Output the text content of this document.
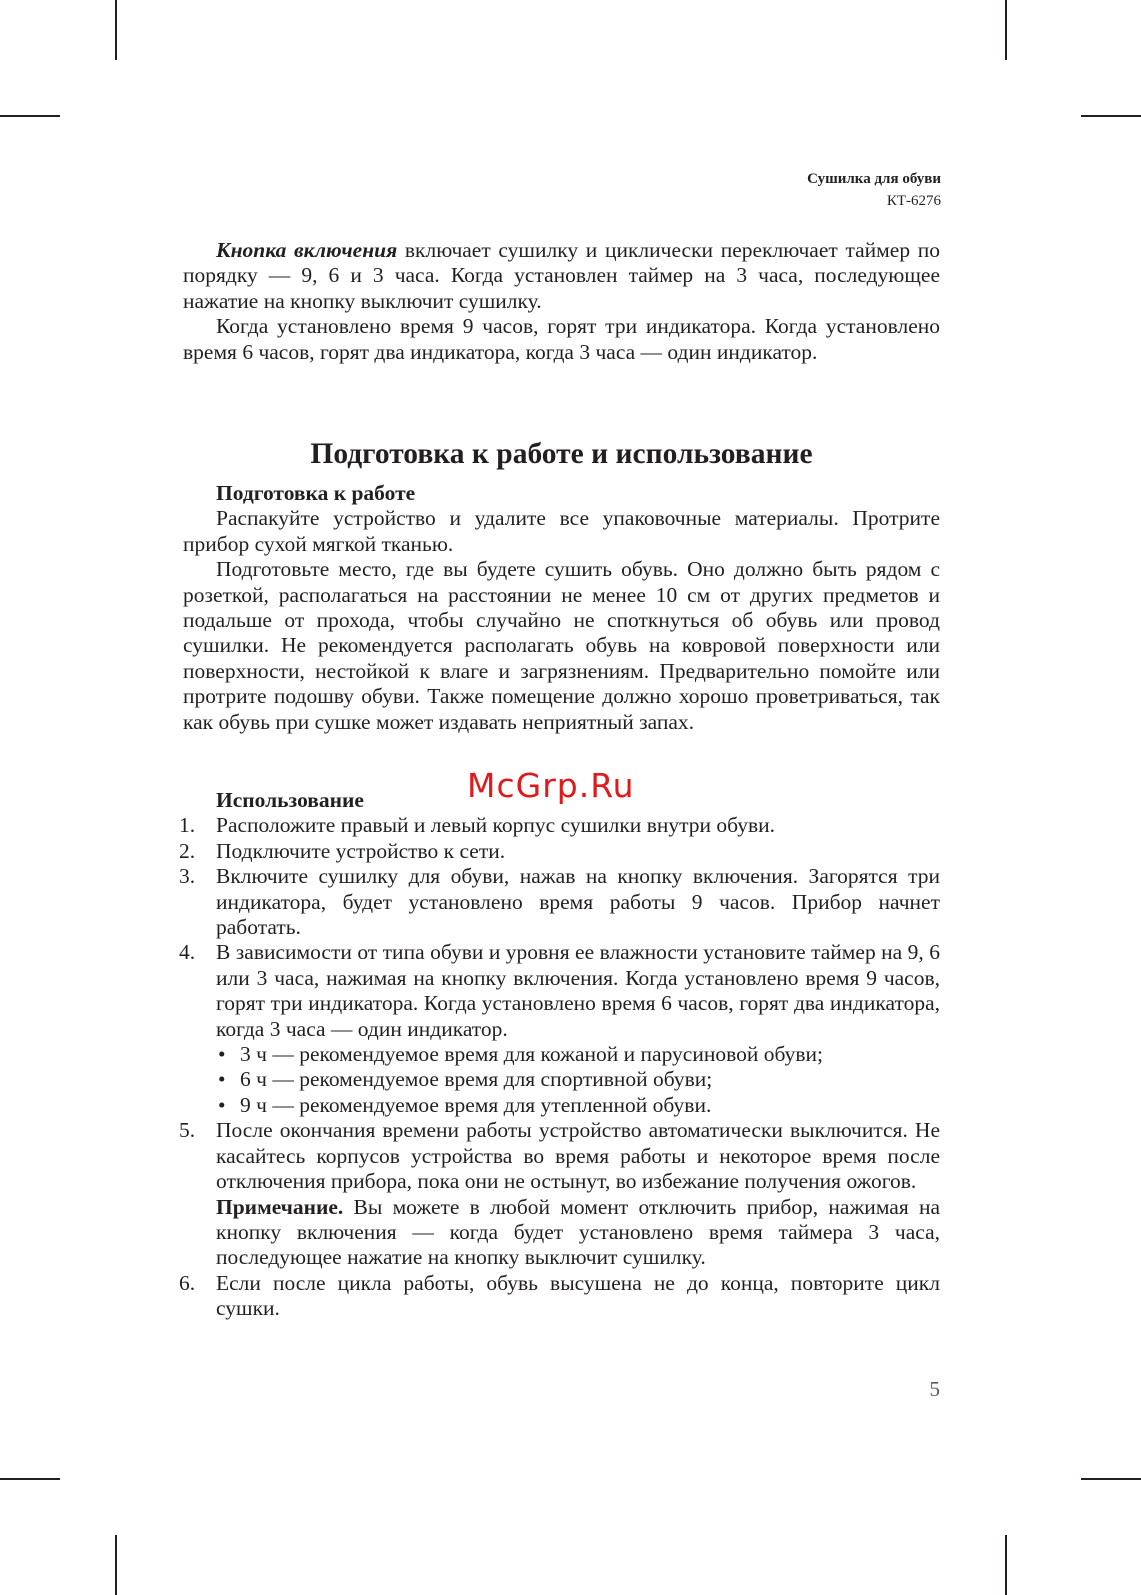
Сушилка для обуви
КТ-6276

Кнопка включения включает сушилку и циклически переключает таймер по порядку — 9, 6 и 3 часа. Когда установлен таймер на 3 часа, последующее нажатие на кнопку выключит сушилку.

Когда установлено время 9 часов, горят три индикатора. Когда установлено время 6 часов, горят два индикатора, когда 3 часа — один индикатор.

Подготовка к работе и использование
Подготовка к работе

Распакуйте устройство и удалите все упаковочные материалы. Протрите прибор сухой мягкой тканью.

Подготовьте место, где вы будете сушить обувь. Оно должно быть рядом с розеткой, располагаться на расстоянии не менее 10 см от других предметов и подальше от прохода, чтобы случайно не споткнуться об обувь или провод сушилки. Не рекомендуется располагать обувь на ковровой поверхности или поверхности, нестойкой к влаге и загрязнениям. Предварительно помойте или протрите подошву обуви. Также помещение должно хорошо проветриваться, так как обувь при сушке может издавать неприятный запах.

McGrp.Ru
Использование
1. Расположите правый и левый корпус сушилки внутри обуви.
2. Подключите устройство к сети.
3. Включите сушилку для обуви, нажав на кнопку включения. Загорятся три индикатора, будет установлено время работы 9 часов. Прибор начнет работать.
4. В зависимости от типа обуви и уровня ее влажности установите таймер на 9, 6 или 3 часа, нажимая на кнопку включения. Когда установлено время 9 часов, горят три индикатора. Когда установлено время 6 часов, горят два индикатора, когда 3 часа — один индикатор.
• 3 ч — рекомендуемое время для кожаной и парусиновой обуви;
• 6 ч — рекомендуемое время для спортивной обуви;
• 9 ч — рекомендуемое время для утепленной обуви.
5. После окончания времени работы устройство автоматически выключится. Не касайтесь корпусов устройства во время работы и некоторое время после отключения прибора, пока они не остынут, во избежание получения ожогов.
Примечание. Вы можете в любой момент отключить прибор, нажимая на кнопку включения — когда будет установлено время таймера 3 часа, последующее нажатие на кнопку выключит сушилку.
6. Если после цикла работы, обувь высушена не до конца, повторите цикл сушки.
5
